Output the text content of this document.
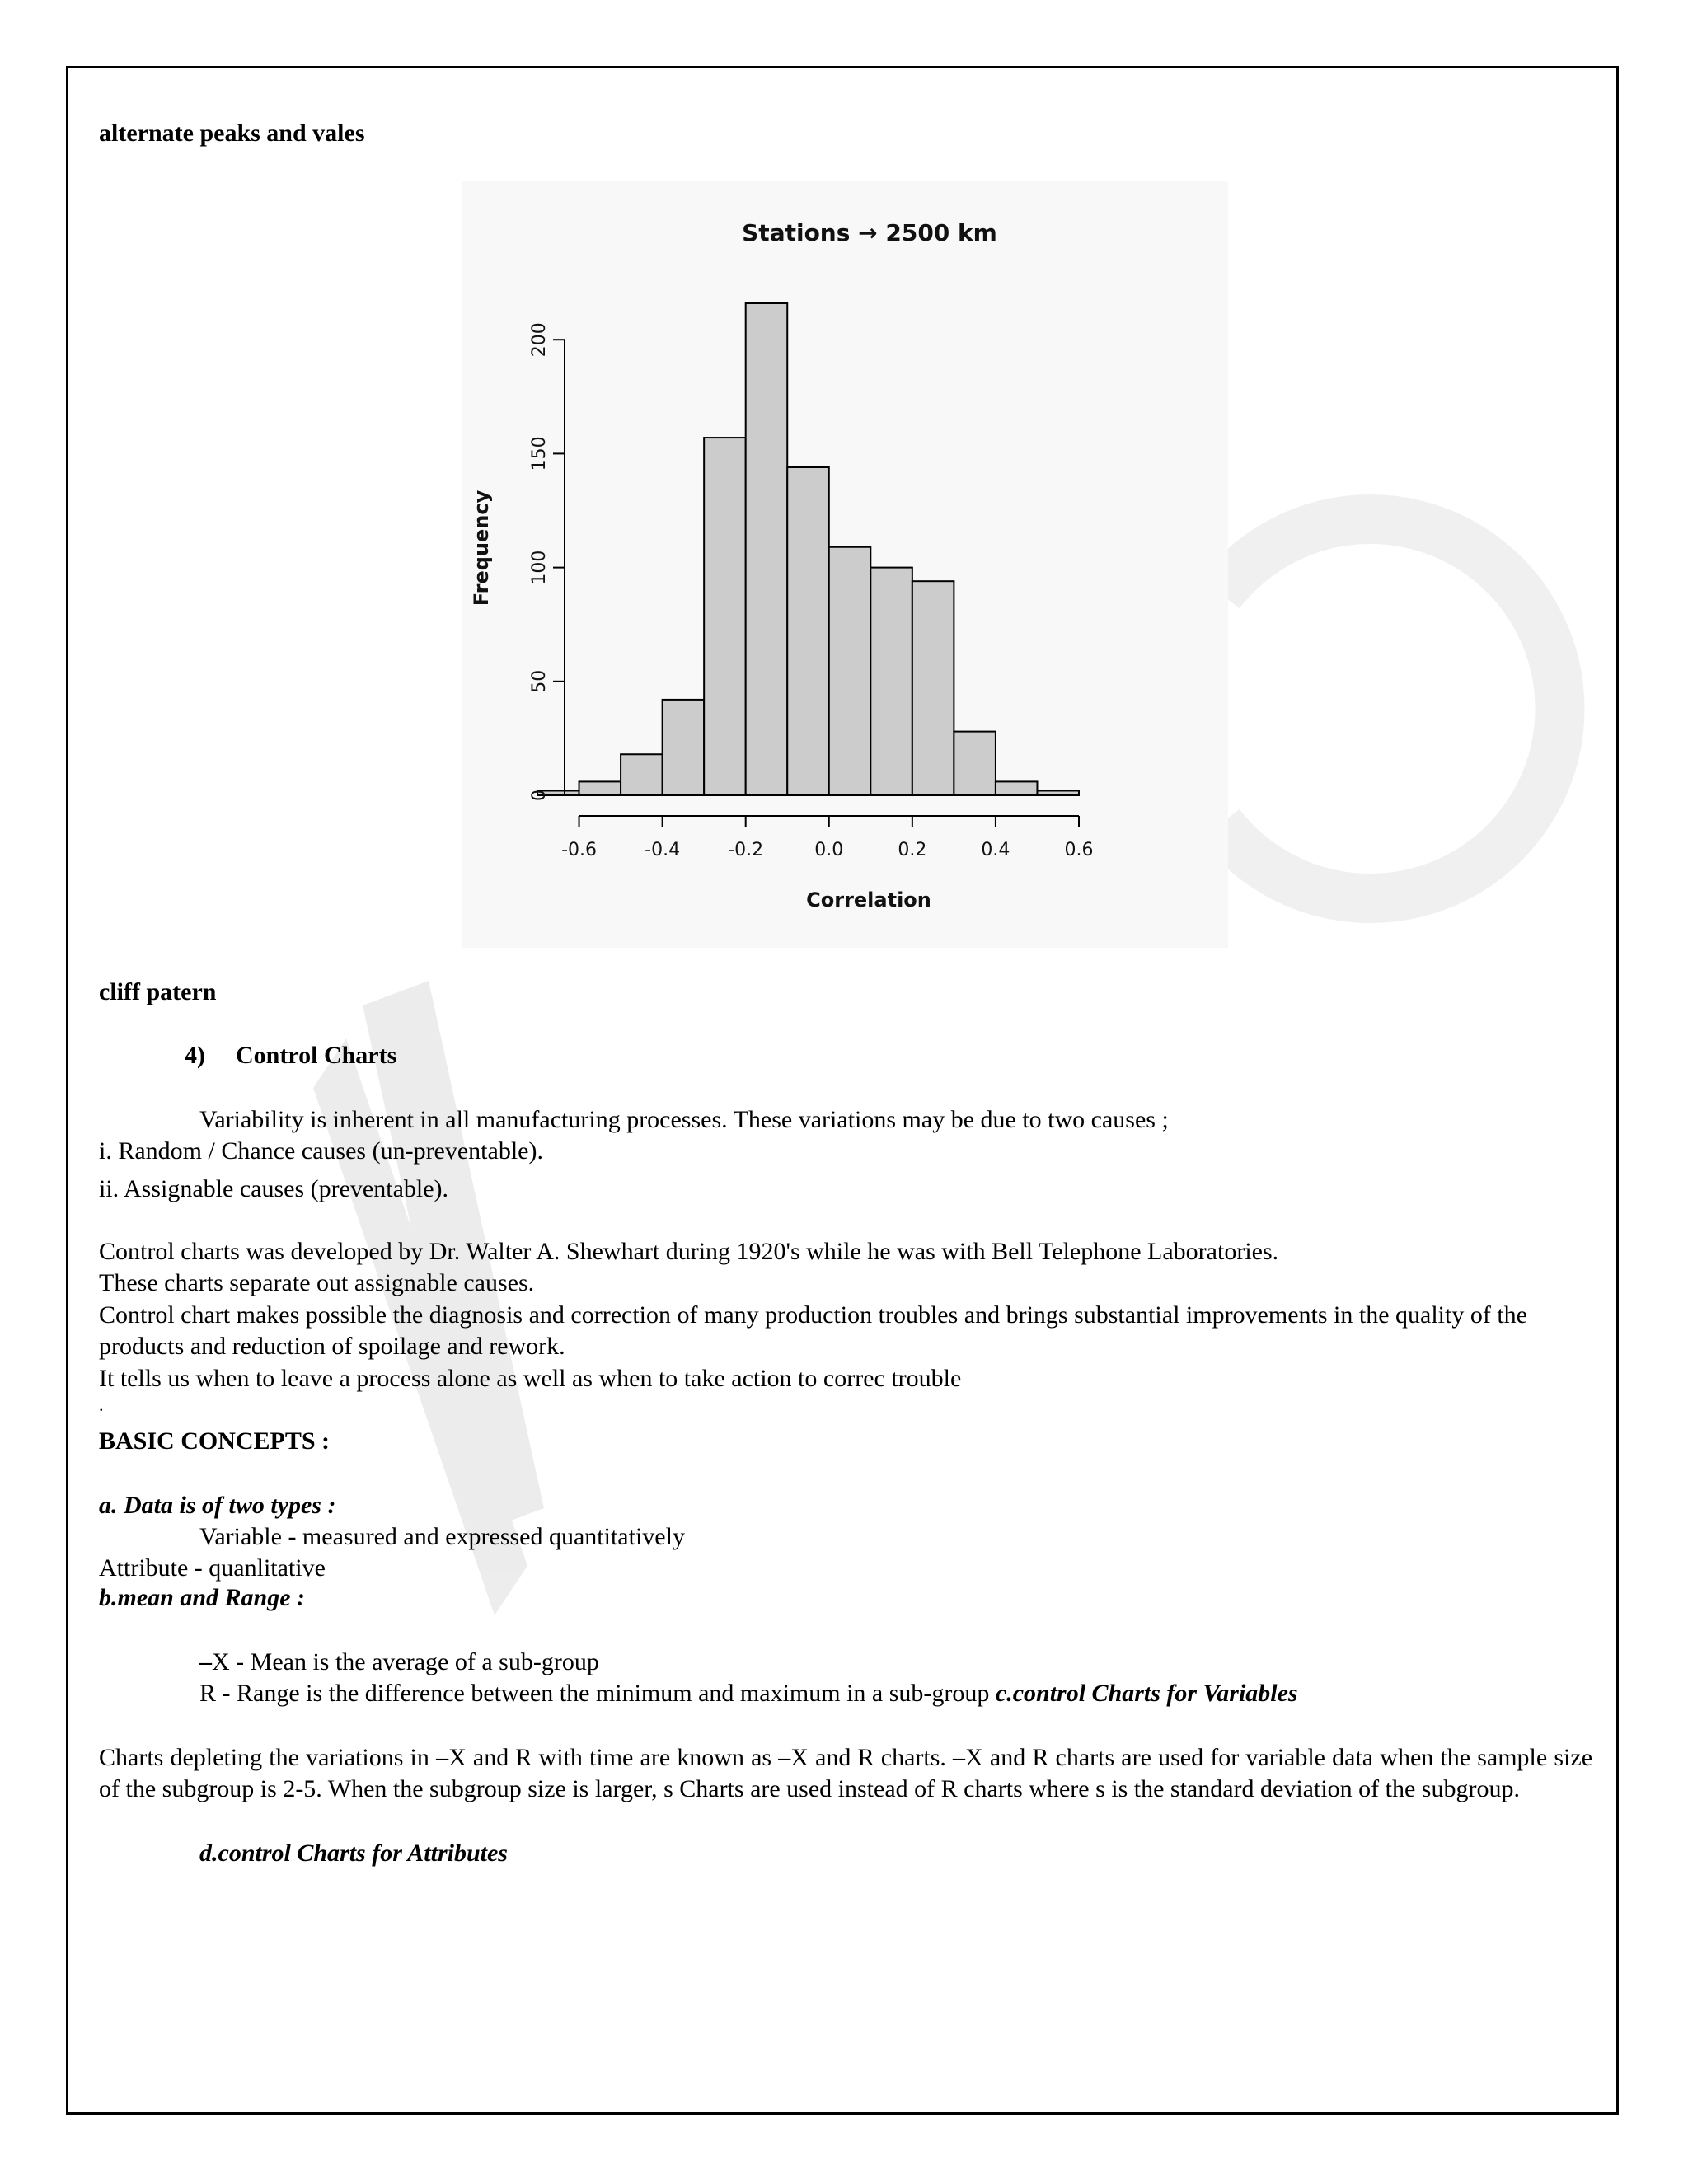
alternate peaks and vales
Stations → 2500 km
Frequency
Correlation
-0.6	-0.4	-0.2	0.0	0.2	0.4	0.6
0
50
100
150
200
cliff patern
4) Control Charts
Variability is inherent in all manufacturing processes. These variations may be due to two causes ;
i. Random / Chance causes (un-preventable).
ii. Assignable causes (preventable).
Control charts was developed by Dr. Walter A. Shewhart during 1920's while he was with Bell Telephone Laboratories.
These charts separate out assignable causes.
Control chart makes possible the diagnosis and correction of many production troubles and brings substantial improvements in the quality of the products and reduction of spoilage and rework.
It tells us when to leave a process alone as well as when to take action to correc trouble
.
BASIC CONCEPTS :
a. Data is of two types :
Variable - measured and expressed quantitatively
Attribute - quanlitative
b.mean and Range :
–X - Mean is the average of a sub-group
R - Range is the difference between the minimum and maximum in a sub-group c.control Charts for Variables
Charts depleting the variations in –X and R with time are known as –X and R charts. –X and R charts are used for variable data when the sample size of the subgroup is 2-5. When the subgroup size is larger, s Charts are used instead of R charts where s is the standard deviation of the subgroup.
d.control Charts for Attributes
